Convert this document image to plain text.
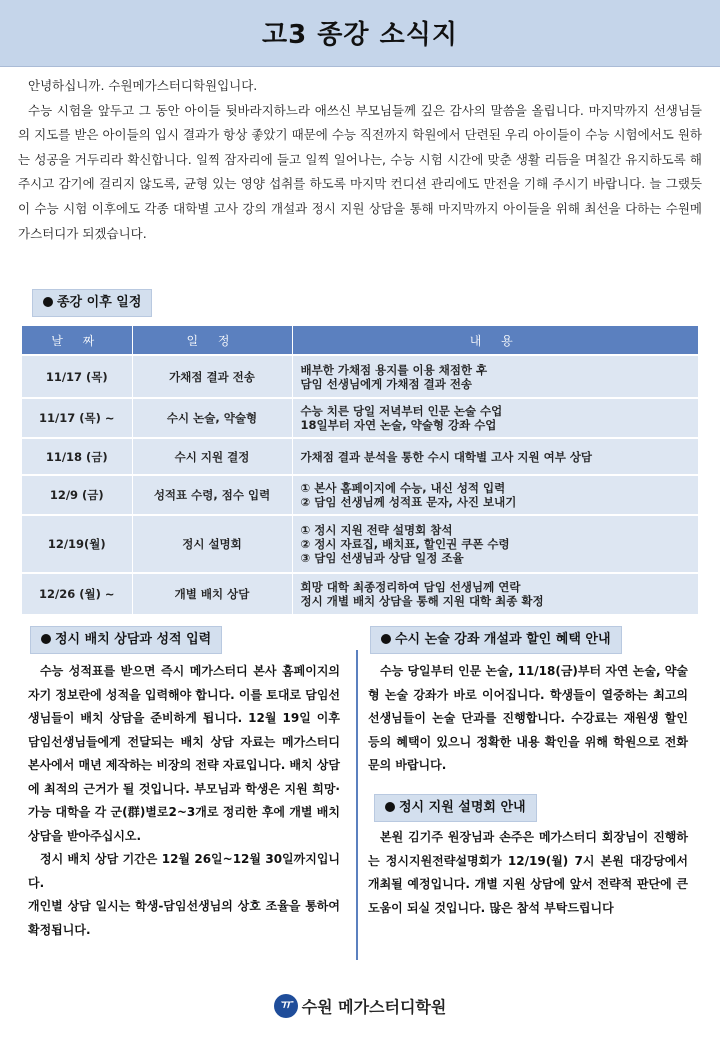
고3 종강 소식지

안녕하십니까. 수원메가스터디학원입니다.

수능 시험을 앞두고 그 동안 아이들 뒷바라지하느라 애쓰신 부모님들께 깊은 감사의 말씀을 올립니다. 마지막까지 선생님들의 지도를 받은 아이들의 입시 결과가 항상 좋았기 때문에 수능 직전까지 학원에서 단련된 우리 아이들이 수능 시험에서도 원하는 성공을 거두리라 확신합니다. 일찍 잠자리에 들고 일찍 일어나는, 수능 시험 시간에 맞춘 생활 리듬을 며칠간 유지하도록 해 주시고 감기에 걸리지 않도록, 균형 있는 영양 섭취를 하도록 마지막 컨디션 관리에도 만전을 기해 주시기 바랍니다. 늘 그랬듯이 수능 시험 이후에도 각종 대학별 고사 강의 개설과 정시 지원 상담을 통해 마지막까지 아이들을 위해 최선을 다하는 수원메가스터디가 되겠습니다.

종강 이후 일정
날 짜	일 정	내 용
11/17 (목)	가채점 결과 전송	배부한 가채점 용지를 이용 채점한 후
담임 선생님에게 가채점 결과 전송

11/17 (목) ~	수시 논술, 약술형	수능 치른 당일 저녁부터 인문 논술 수업
18일부터 자연 논술, 약술형 강좌 수업

11/18 (금)	수시 지원 결정	가채점 결과 분석을 통한 수시 대학별 고사 지원 여부 상담

12/9 (금)	성적표 수령, 점수 입력	① 본사 홈페이지에 수능, 내신 성적 입력
② 담임 선생님께 성적표 문자, 사진 보내기

12/19(월)	정시 설명회	① 정시 지원 전략 설명회 참석
② 정시 자료집, 배치표, 할인권 쿠폰 수령
③ 담임 선생님과 상담 일정 조율

12/26 (월) ~	개별 배치 상담	희망 대학 최종정리하여 담임 선생님께 연락
정시 개별 배치 상담을 통해 지원 대학 최종 확정
정시 배치 상담과 성적 입력

수능 성적표를 받으면 즉시 메가스터디 본사 홈페이지의 자기 정보란에 성적을 입력해야 합니다. 이를 토대로 담임선생님들이 배치 상담을 준비하게 됩니다. 12월 19일 이후 담임선생님들에게 전달되는 배치 상담 자료는 메가스터디 본사에서 매년 제작하는 비장의 전략 자료입니다. 배치 상담에 최적의 근거가 될 것입니다. 부모님과 학생은 지원 희망·가능 대학을 각 군(群)별로2~3개로 정리한 후에 개별 배치 상담을 받아주십시오.

정시 배치 상담 기간은 12월 26일~12월 30일까지입니다.

개인별 상담 일시는 학생-담임선생님의 상호 조율을 통하여 확정됩니다.

수시 논술 강좌 개설과 할인 혜택 안내

수능 당일부터 인문 논술, 11/18(금)부터 자연 논술, 약술형 논술 강좌가 바로 이어집니다. 학생들이 열중하는 최고의 선생님들이 논술 단과를 진행합니다. 수강료는 재원생 할인 등의 혜택이 있으니 정확한 내용 확인을 위해 학원으로 전화 문의 바랍니다.

정시 지원 설명회 안내

본원 김기주 원장님과 손주은 메가스터디 회장님이 진행하는 정시지원전략설명회가 12/19(월) 7시 본원 대강당에서 개최될 예정입니다. 개별 지원 상담에 앞서 전략적 판단에 큰 도움이 되실 것입니다. 많은 참석 부탁드립니다

ㅠ 수원 메가스터디학원
